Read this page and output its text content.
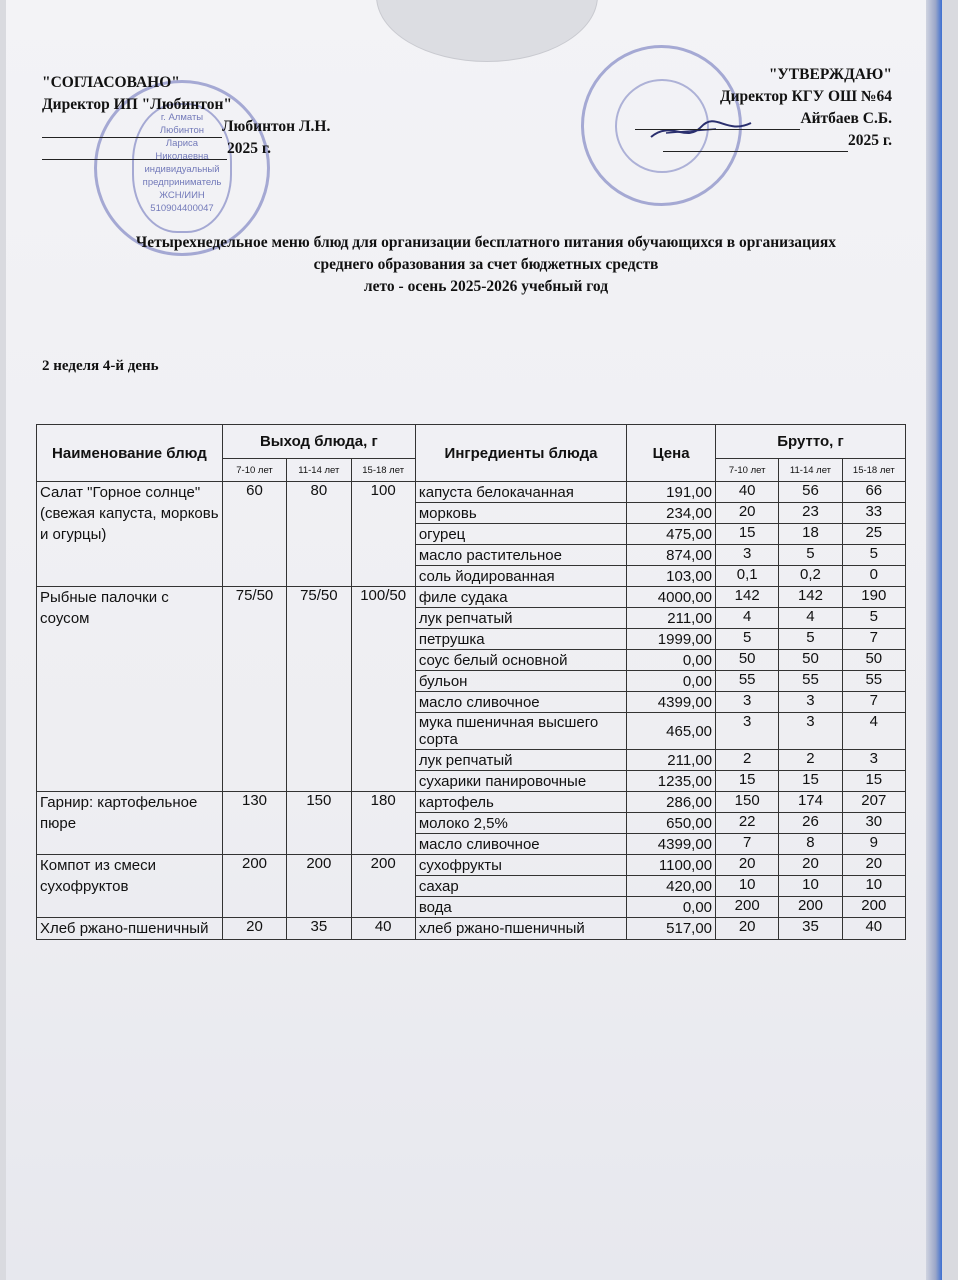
г. Алматы
Любинтон
Лариса
Николаевна
индивидуальный
предприниматель
ЖСН/ИИН
510904400047
"СОГЛАСОВАНО"
Директор ИП "Любинтон"
Любинтон Л.Н.
2025 г.
"УТВЕРЖДАЮ"
Директор КГУ ОШ №64
Айтбаев С.Б.
2025 г.
Четырехнедельное меню блюд для организации бесплатного питания обучающихся в организациях
среднего образования за счет бюджетных средств
лето - осень 2025-2026 учебный год
2 неделя 4-й день
Наименование блюд	Выход блюда, г			Ингредиенты блюда	Цена	Брутто, г		
	7-10 лет	11-14 лет	15-18 лет			7-10 лет	11-14 лет	15-18 лет
Салат "Горное солнце" (свежая капуста, морковь и огурцы)	60	80	100	капуста белокачанная	191,00	40	56	66
				морковь	234,00	20	23	33
				огурец	475,00	15	18	25
				масло растительное	874,00	3	5	5
				соль йодированная	103,00	0,1	0,2	0
Рыбные палочки с соусом	75/50	75/50	100/50	филе судака	4000,00	142	142	190
				лук репчатый	211,00	4	4	5
				петрушка	1999,00	5	5	7
				соус белый основной	0,00	50	50	50
				бульон	0,00	55	55	55
				масло сливочное	4399,00	3	3	7
				мука пшеничная высшего сорта	465,00	3	3	4
				лук репчатый	211,00	2	2	3
				сухарики панировочные	1235,00	15	15	15
Гарнир: картофельное пюре	130	150	180	картофель	286,00	150	174	207
				молоко 2,5%	650,00	22	26	30
				масло сливочное	4399,00	7	8	9
Компот из смеси сухофруктов	200	200	200	сухофрукты	1100,00	20	20	20
				сахар	420,00	10	10	10
				вода	0,00	200	200	200
Хлеб ржано-пшеничный	20	35	40	хлеб ржано-пшеничный	517,00	20	35	40
